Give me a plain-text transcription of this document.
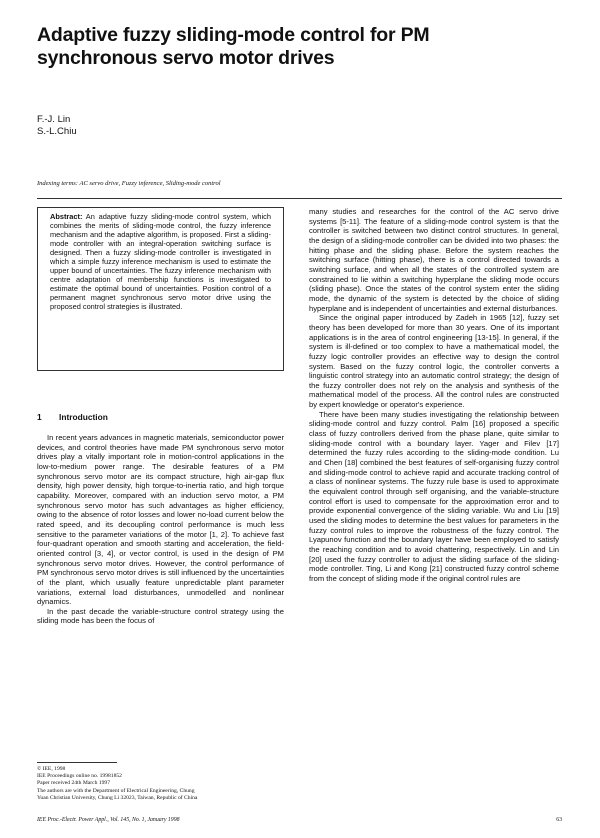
Adaptive fuzzy sliding-mode control for PM
synchronous servo motor drives
F.-J. Lin
S.-L.Chiu
Indexing terms: AC servo drive, Fuzzy inference, Sliding-mode control
Abstract: An adaptive fuzzy sliding-mode control system, which combines the merits of sliding-mode control, the fuzzy inference mechanism and the adaptive algorithm, is proposed. First a sliding-mode controller with an integral-operation switching surface is designed. Then a fuzzy sliding-mode controller is investigated in which a simple fuzzy inference mechanism is used to estimate the upper bound of uncertainties. The fuzzy inference mechanism with centre adaptation of membership functions is investigated to estimate the optimal bound of uncertainties. Position control of a permanent magnet synchronous servo motor drive using the proposed control strategies is illustrated.
1 Introduction

In recent years advances in magnetic materials, semiconductor power devices, and control theories have made PM synchronous servo motor drives play a vitally important role in motion-control applications in the low-to-medium power range. The desirable features of a PM synchronous servo motor are its compact structure, high air-gap flux density, high power density, high torque-to-inertia ratio, and high torque capability. Moreover, compared with an induction servo motor, a PM synchronous servo motor has such advantages as higher efficiency, owing to the absence of rotor losses and lower no-load current below the rated speed, and its decoupling control performance is much less sensitive to the parameter variations of the motor [1, 2]. To achieve fast four-quadrant operation and smooth starting and acceleration, the field-oriented control [3, 4], or vector control, is used in the design of PM synchronous servo motor drives. However, the control performance of PM synchronous servo motor drives is still influenced by the uncertainties of the plant, which usually feature unpredictable plant parameter variations, external load disturbances, unmodelled and nonlinear dynamics.

In the past decade the variable-structure control strategy using the sliding mode has been the focus of

many studies and researches for the control of the AC servo drive systems [5-11]. The feature of a sliding-mode control system is that the controller is switched between two distinct control structures. In general, the design of a sliding-mode controller can be divided into two phases: the hitting phase and the sliding phase. Before the system reaches the switching surface (hitting phase), there is a control directed towards a switching surface, and when all the states of the controlled system are constrained to lie within a switching hyperplane the sliding mode occurs (sliding phase). Once the states of the control system enter the sliding mode, the dynamic of the system is detected by the choice of sliding hyperplane and is independent of uncertainties and external disturbances.

Since the original paper introduced by Zadeh in 1965 [12], fuzzy set theory has been developed for more than 30 years. One of its important applications is in the area of control engineering [13-15]. In general, if the system is ill-defined or too complex to have a mathematical model, the fuzzy logic controller provides an effective way to design the control system. Based on the fuzzy control logic, the controller converts a linguistic control strategy into an automatic control strategy; the design of the fuzzy controller does not rely on the analysis and synthesis of the mathematical model of the process. All the control rules are constructed by expert knowledge or operator's experience.

There have been many studies investigating the relationship between sliding-mode control and fuzzy control. Palm [16] proposed a specific class of fuzzy controllers derived from the phase plane, quite similar to sliding-mode control with a boundary layer. Yager and Filev [17] determined the fuzzy rules according to the sliding-mode condition. Lu and Chen [18] combined the best features of self-organising fuzzy control and sliding-mode control to achieve rapid and accurate tracking control of a class of nonlinear systems. The fuzzy rule base is used to approximate the equivalent control through self organising, and the variable-structure control effort is used to compensate for the approximation error and to provide exponential convergence of the sliding variable. Wu and Liu [19] used the sliding modes to determine the best values for parameters in the fuzzy control rules to improve the robustness of the fuzzy control. The Lyapunov function and the boundary layer have been employed to satisfy the reaching condition and to avoid chattering, respectively. Lin and Lin [20] used the fuzzy controller to adjust the sliding surface of the sliding-mode controller. Ting, Li and Kong [21] constructed fuzzy control scheme from the concept of sliding mode if the original control rules are

© IEE, 1998
IEE Proceedings online no. 19981852
Paper received 24th March 1997
The authors are with the Department of Electrical Engineering, Chung
Yuan Christian University, Chung Li 32023, Taiwan, Republic of China
IEE Proc.-Electr. Power Appl., Vol. 145, No. 1, January 1998	63
